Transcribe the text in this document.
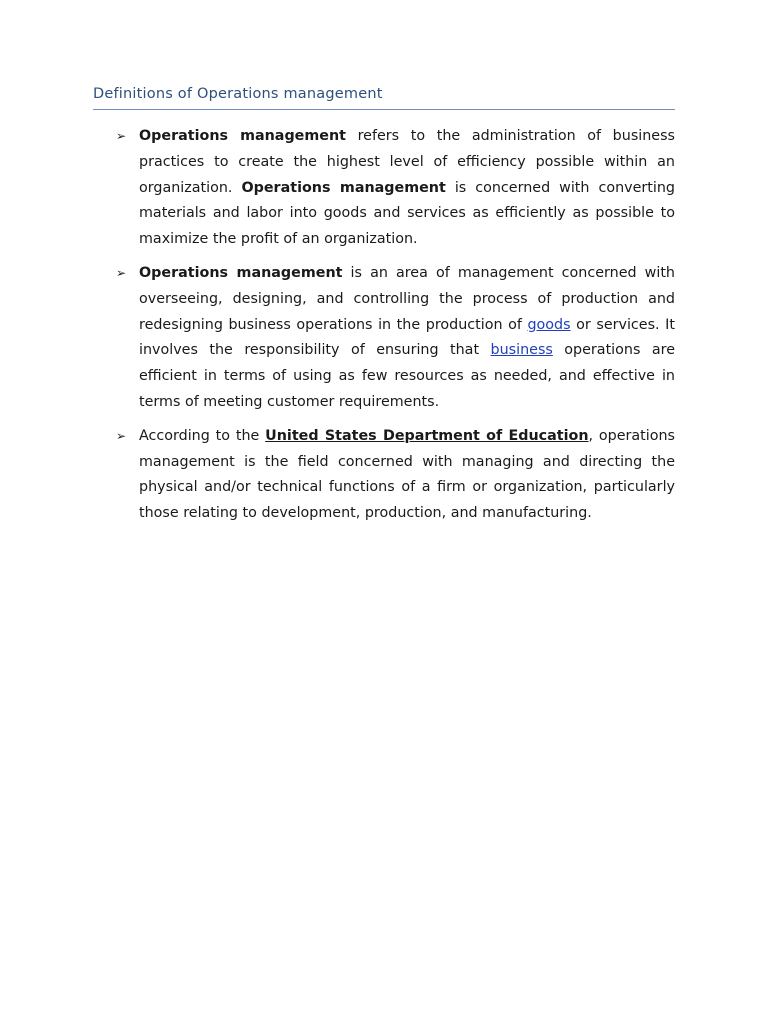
Definitions of Operations management
➢ Operations management refers to the administration of business practices to create the highest level of efficiency possible within an organization. Operations management is concerned with converting materials and labor into goods and services as efficiently as possible to maximize the profit of an organization.
➢ Operations management is an area of management concerned with overseeing, designing, and controlling the process of production and redesigning business operations in the production of goods or services. It involves the responsibility of ensuring that business operations are efficient in terms of using as few resources as needed, and effective in terms of meeting customer requirements.
➢ According to the United States Department of Education, operations management is the field concerned with managing and directing the physical and/or technical functions of a firm or organization, particularly those relating to development, production, and manufacturing.
